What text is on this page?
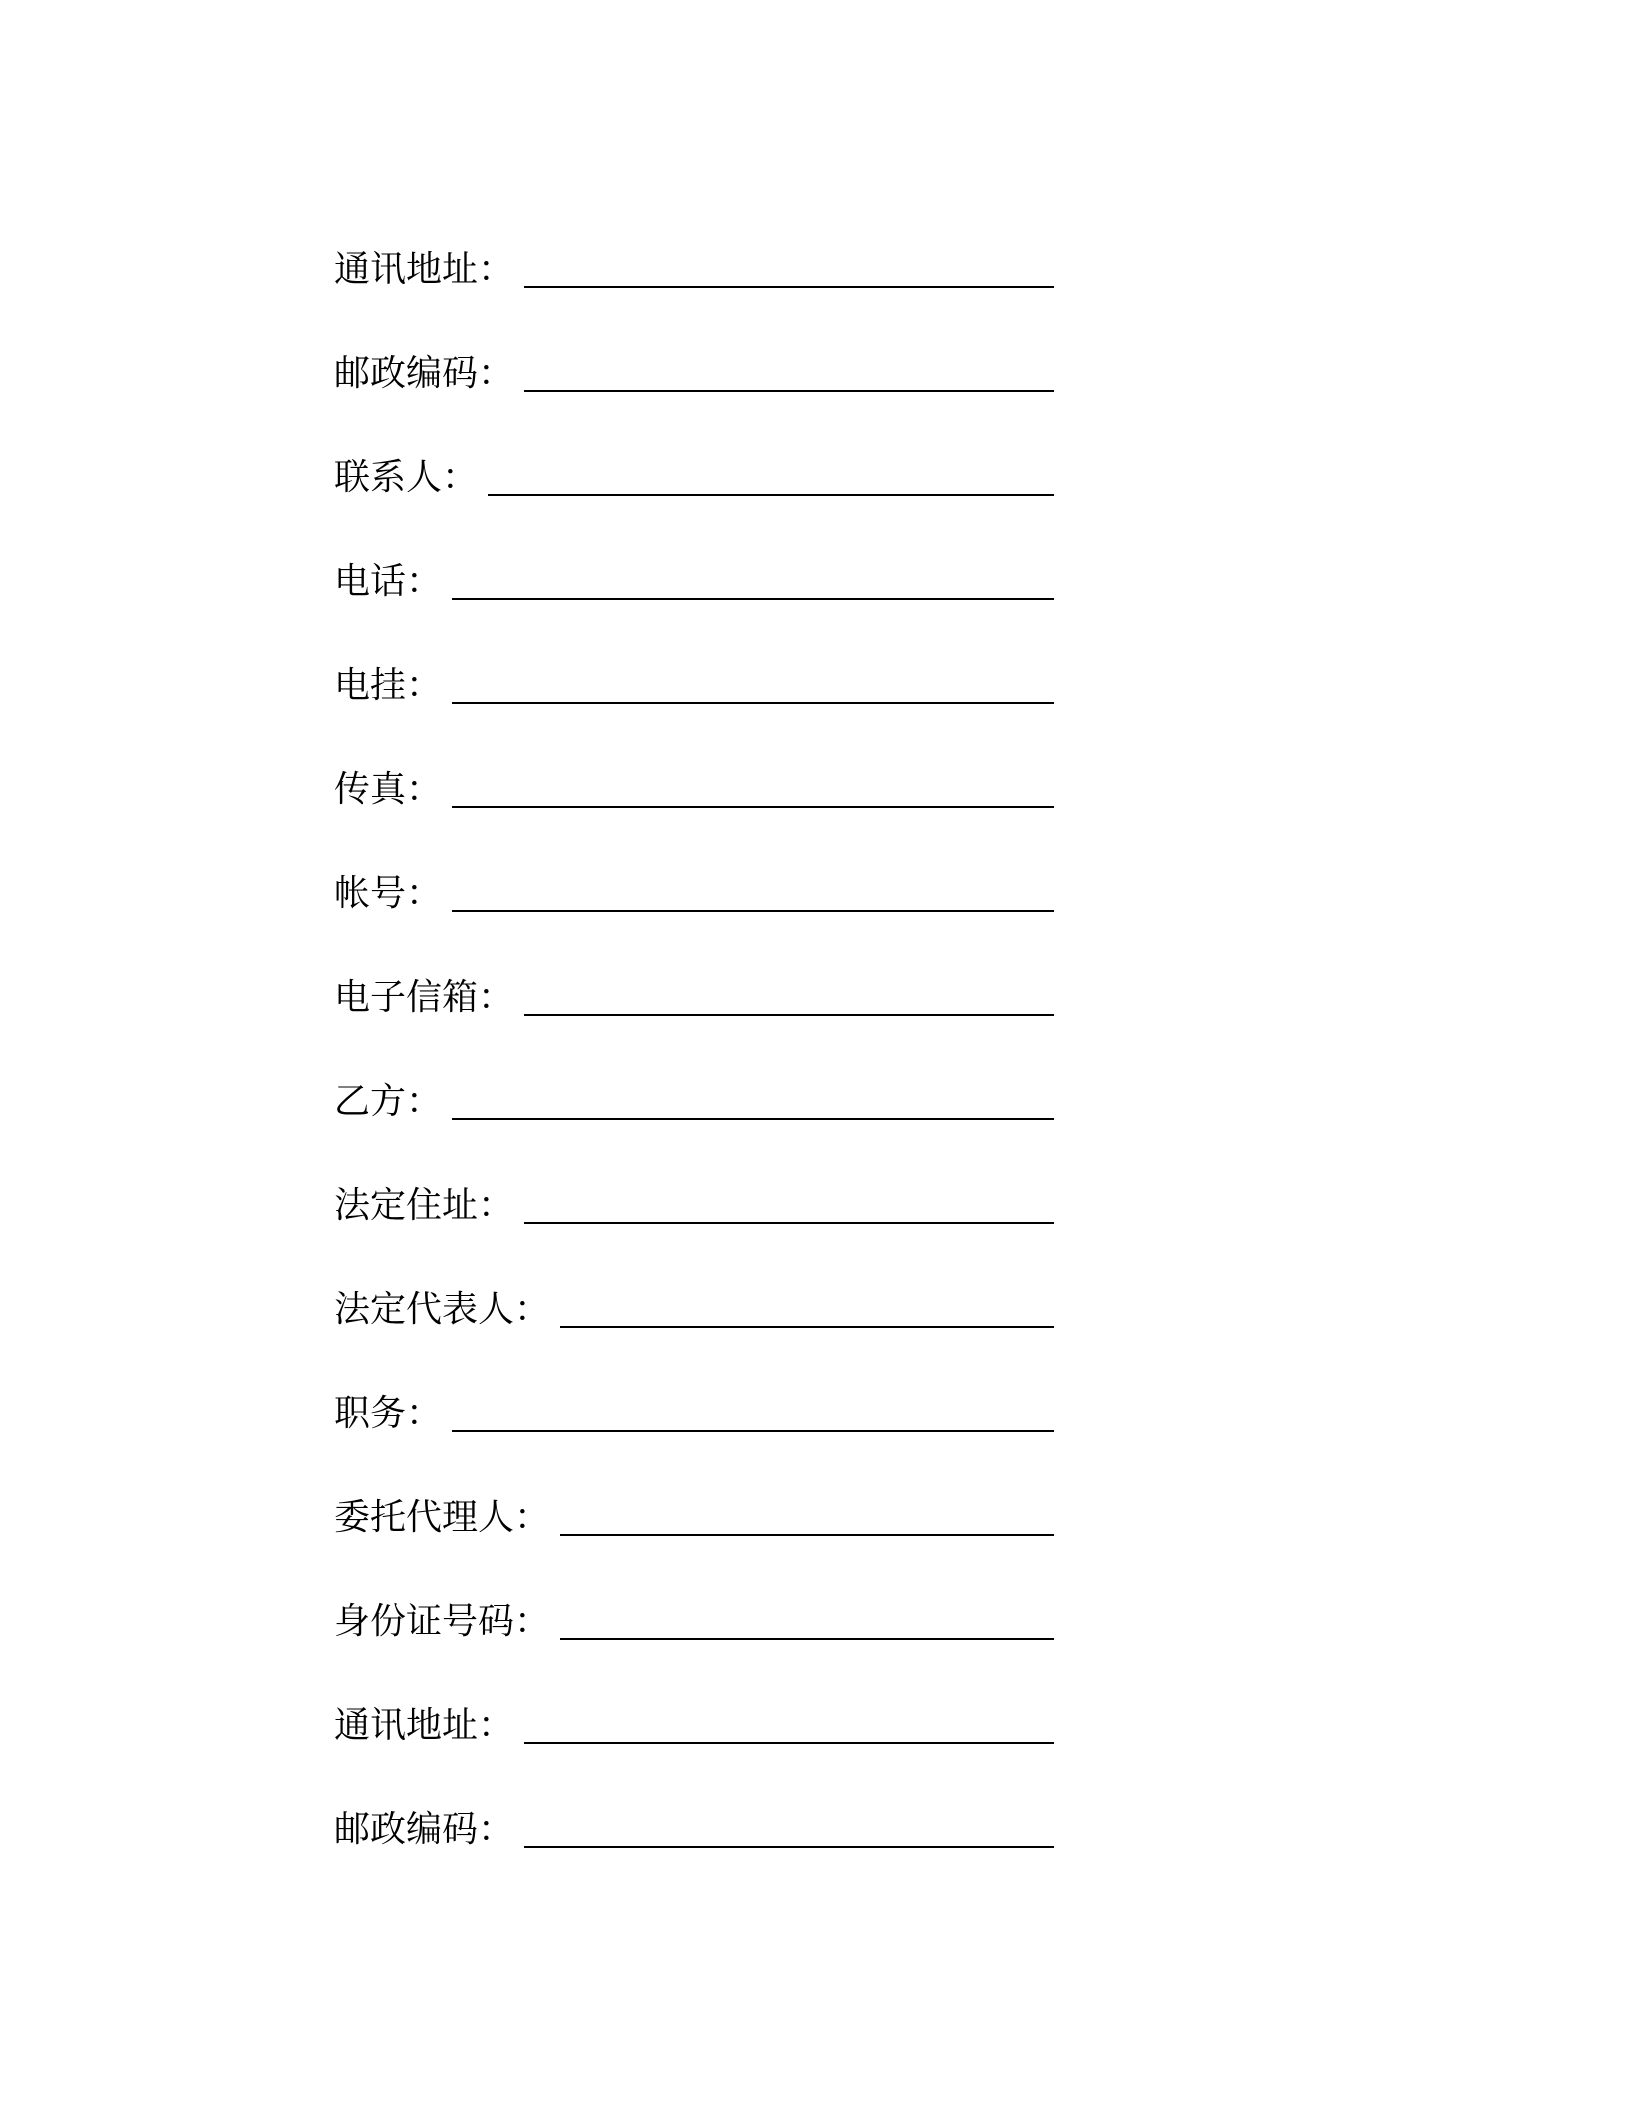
通讯地址 ：
邮政编码 ：
联系人 ：
电话 ：
电挂 ：
传真 ：
帐号 ：
电子信箱 ：
乙方 ：
法定住址 ：
法定代表人 ：
职务 ：
委托代理人 ：
身份证号码 ：
通讯地址 ：
邮政编码 ：
